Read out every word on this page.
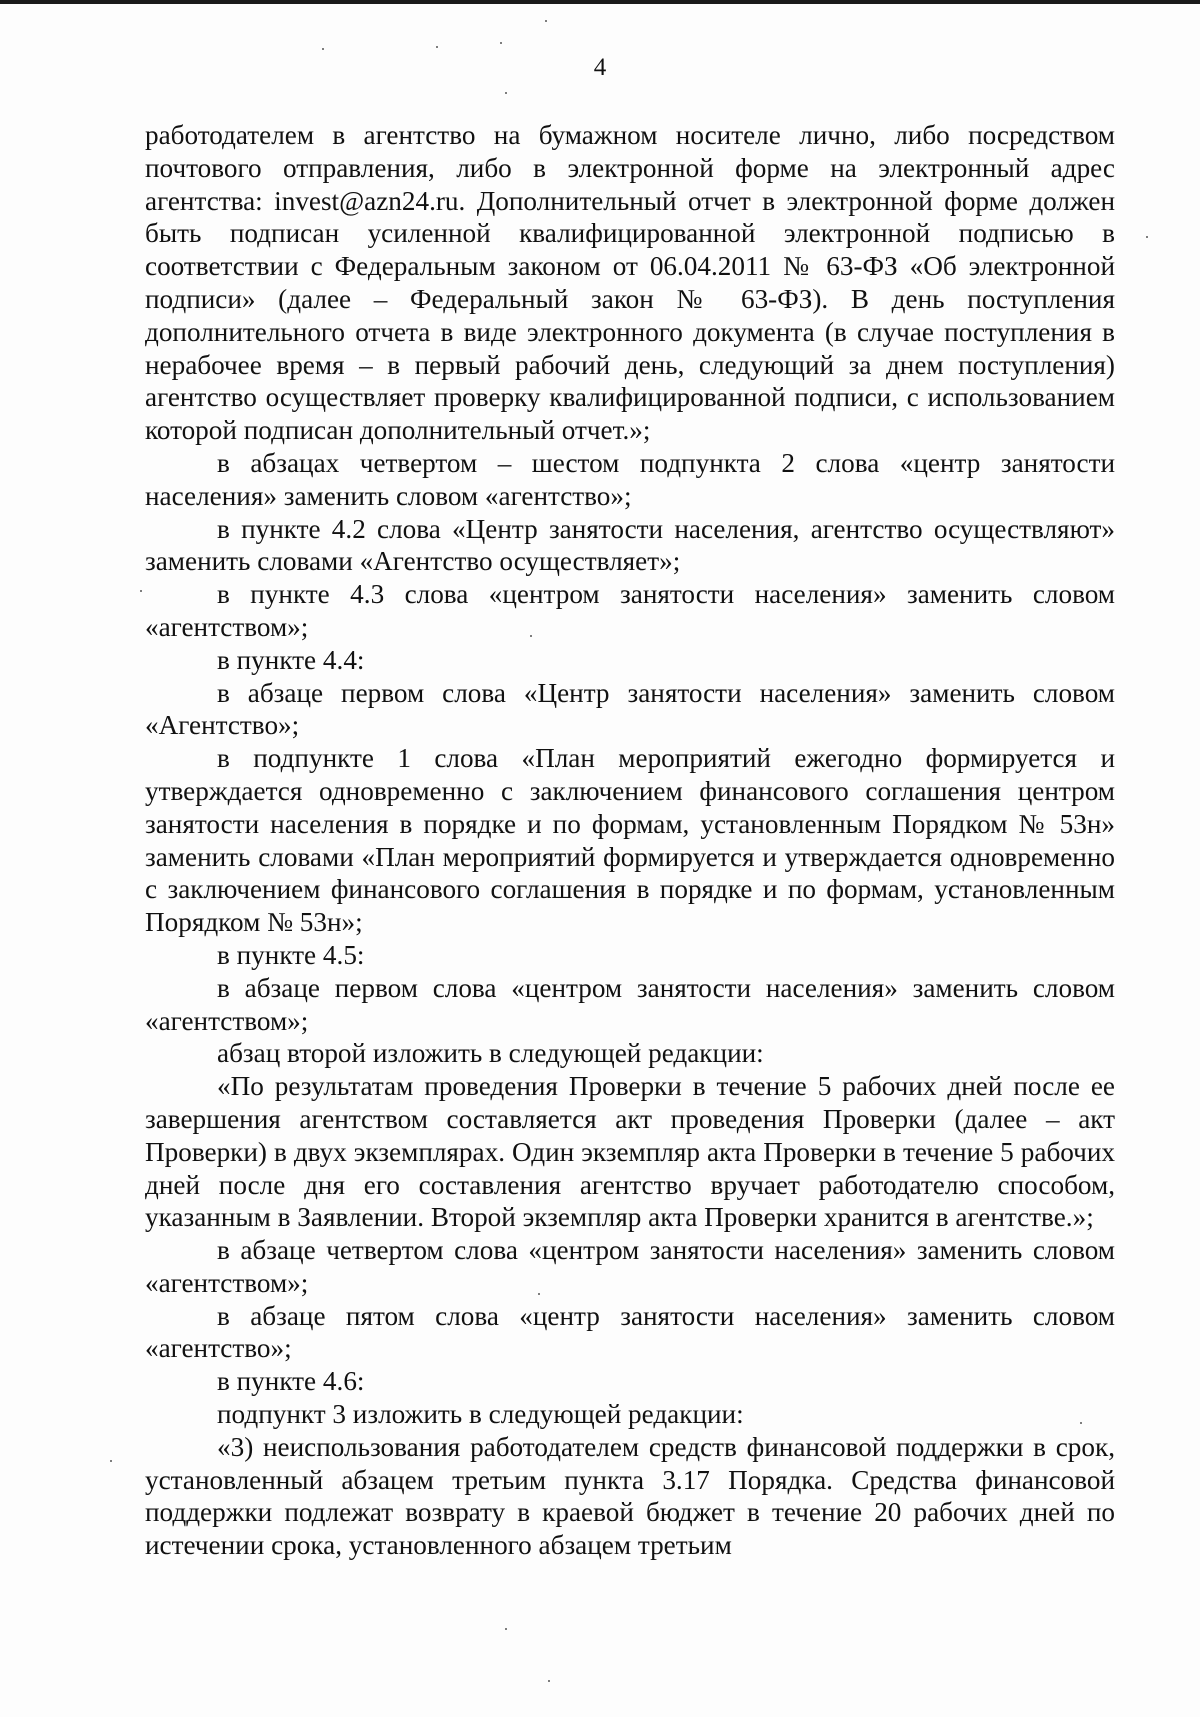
4

работодателем в агентство на бумажном носителе лично, либо посредством почтового отправления, либо в электронной форме на электронный адрес агентства: invest@azn24.ru. Дополнительный отчет в электронной форме должен быть подписан усиленной квалифицированной электронной подписью в соответствии с Федеральным законом от 06.04.2011 № 63-ФЗ «Об электронной подписи» (далее – Федеральный закон № 63-ФЗ). В день поступления дополнительного отчета в виде электронного документа (в случае поступления в нерабочее время – в первый рабочий день, следующий за днем поступления) агентство осуществляет проверку квалифицированной подписи, с использованием которой подписан дополнительный отчет.»;

в абзацах четвертом – шестом подпункта 2 слова «центр занятости населения» заменить словом «агентство»;

в пункте 4.2 слова «Центр занятости населения, агентство осуществляют» заменить словами «Агентство осуществляет»;

в пункте 4.3 слова «центром занятости населения» заменить словом «агентством»;

в пункте 4.4:

в абзаце первом слова «Центр занятости населения» заменить словом «Агентство»;

в подпункте 1 слова «План мероприятий ежегодно формируется и утверждается одновременно с заключением финансового соглашения центром занятости населения в порядке и по формам, установленным Порядком № 53н» заменить словами «План мероприятий формируется и утверждается одновременно с заключением финансового соглашения в порядке и по формам, установленным Порядком № 53н»;

в пункте 4.5:

в абзаце первом слова «центром занятости населения» заменить словом «агентством»;

абзац второй изложить в следующей редакции:

«По результатам проведения Проверки в течение 5 рабочих дней после ее завершения агентством составляется акт проведения Проверки (далее – акт Проверки) в двух экземплярах. Один экземпляр акта Проверки в течение 5 рабочих дней после дня его составления агентство вручает работодателю способом, указанным в Заявлении. Второй экземпляр акта Проверки хранится в агентстве.»;

в абзаце четвертом слова «центром занятости населения» заменить словом «агентством»;

в абзаце пятом слова «центр занятости населения» заменить словом «агентство»;

в пункте 4.6:

подпункт 3 изложить в следующей редакции:

«3) неиспользования работодателем средств финансовой поддержки в срок, установленный абзацем третьим пункта 3.17 Порядка. Средства финансовой поддержки подлежат возврату в краевой бюджет в течение 20 рабочих дней по истечении срока, установленного абзацем третьим
